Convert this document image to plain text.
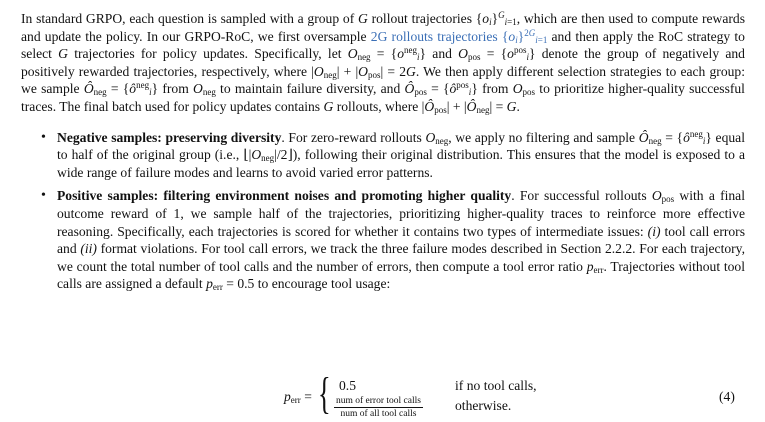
In standard GRPO, each question is sampled with a group of G rollout trajectories $\{o_i\}^G_{i=1}$, which are then used to compute rewards and update the policy. In our GRPO-RoC, we first oversample 2G rollouts trajectories $\{o_i\}^{2G}_{i=1}$ and then apply the RoC strategy to select G trajectories for policy updates. Specifically, let $O_{neg} = \{o^{neg}_i\}$ and $O_{pos} = \{o^{pos}_i\}$ denote the group of negatively and positively rewarded trajectories, respectively, where $|O_{neg}| + |O_{pos}| = 2G$. We then apply different selection strategies to each group: we sample $Ô_{neg}$ = $\{ô^{neg}_i\}$ from $O_{neg}$ to maintain failure diversity, and $Ô_{pos}$ = $\{ô^{pos}_i\}$ from $O_{pos}$ to prioritize higher-quality successful traces. The final batch used for policy updates contains G rollouts, where $|Ô_{pos}|$ + $|Ô_{neg}| = G$.

• Negative samples: preserving diversity. For zero-reward rollouts $O_{neg}$, we apply no filtering and sample $Ô_{neg}$ = $\{ô^{neg}_i\}$ equal to half of the original group (i.e., $⌊|O_{neg}|/2⌋$), following their original distribution. This ensures that the model is exposed to a wide range of failure modes and learns to avoid varied error patterns.
• Positive samples: filtering environment noises and promoting higher quality. For successful rollouts $O_{pos}$ with a final outcome reward of 1, we sample half of the trajectories, prioritizing higher-quality traces to reinforce more effective reasoning. Specifically, each trajectories is scored for whether it contains two types of intermediate issues: (i) tool call errors and (ii) format violations. For tool call errors, we track the three failure modes described in Section 2.2.2. For each trajectory, we count the total number of tool calls and the number of errors, then compute a tool error ratio $p_{err}$. Trajectories without tool calls are assigned a default $p_{err} = 0.5$ to encourage tool usage:
$p_{err}$ = { 0.5
num of error tool calls
num of all tool calls
if no tool calls,
otherwise.
(4)
